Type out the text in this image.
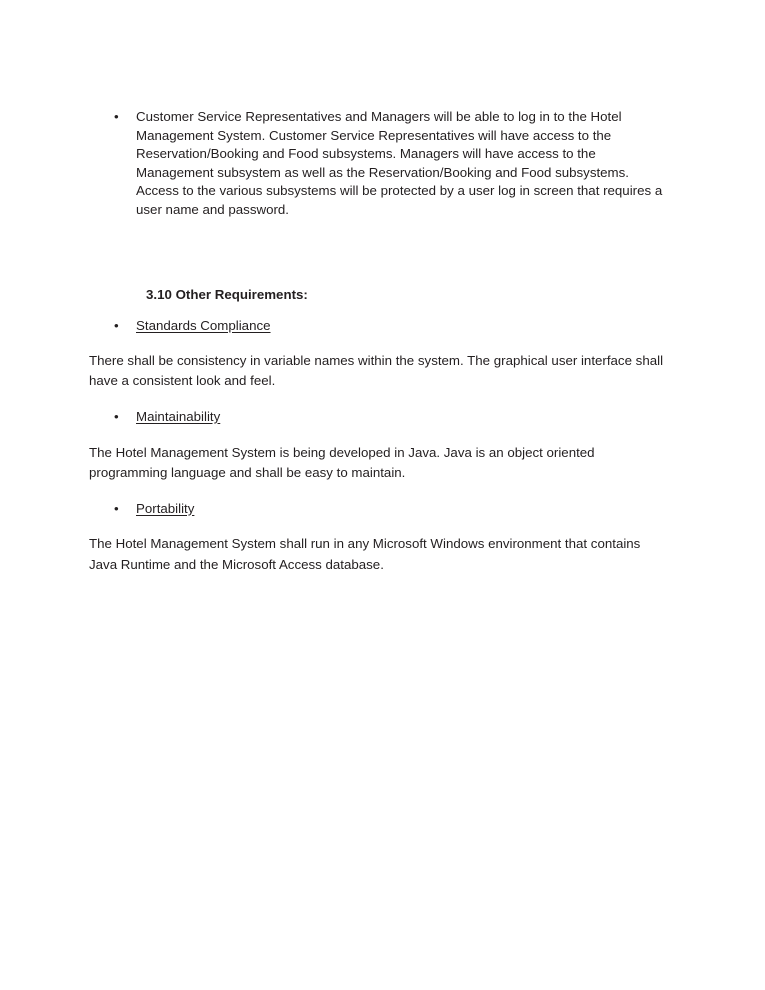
•	Customer Service Representatives and Managers will be able to log in to the Hotel Management System. Customer Service Representatives will have access to the Reservation/Booking and Food subsystems. Managers will have access to the Management subsystem as well as the Reservation/Booking and Food subsystems. Access to the various subsystems will be protected by a user log in screen that requires a user name and password.
3.10 Other Requirements:
•	Standards Compliance
There shall be consistency in variable names within the system. The graphical user interface shall have a consistent look and feel.
•	Maintainability
The Hotel Management System is being developed in Java. Java is an object oriented programming language and shall be easy to maintain.
•	Portability
The Hotel Management System shall run in any Microsoft Windows environment that contains Java Runtime and the Microsoft Access database.
